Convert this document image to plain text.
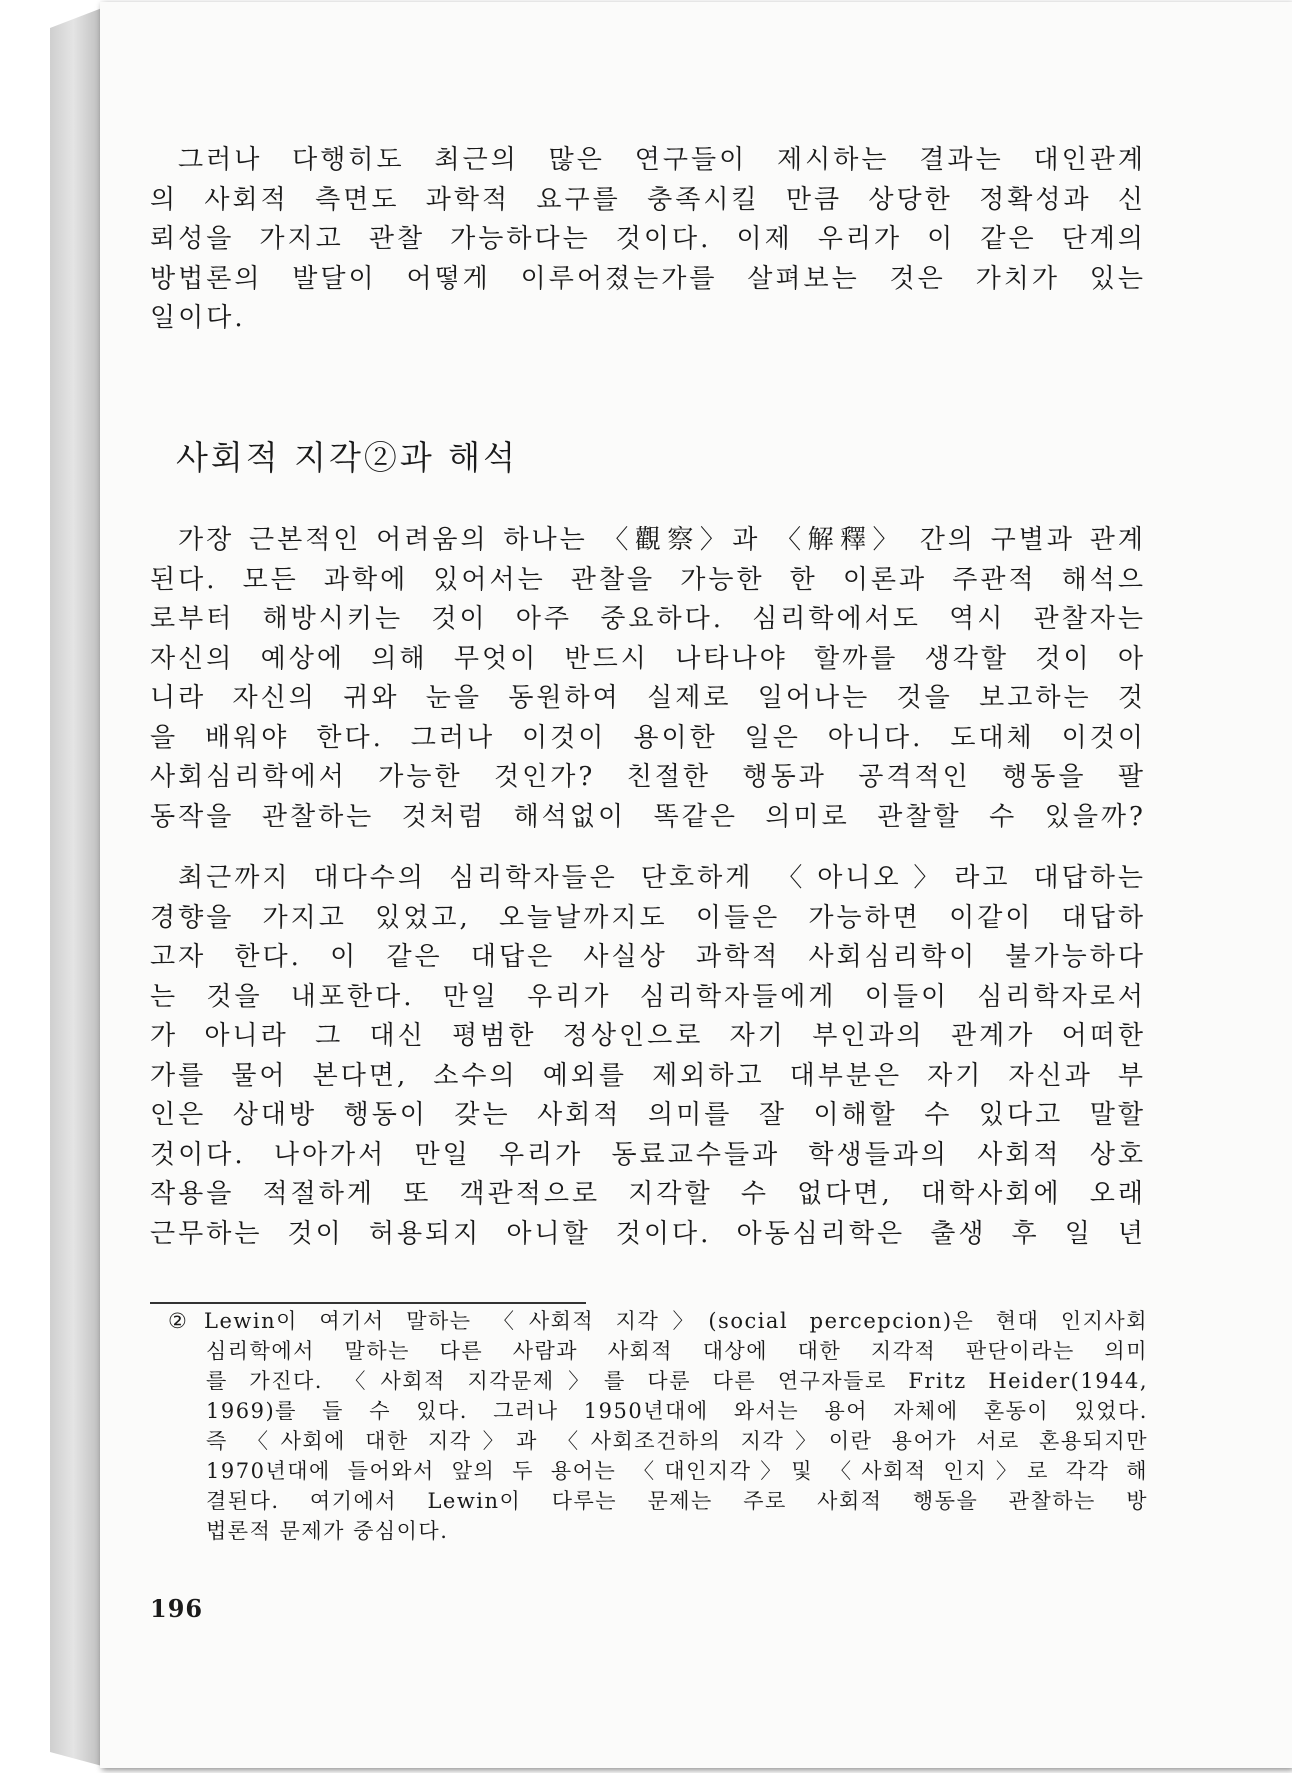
그러나 다행히도 최근의 많은 연구들이 제시하는 결과는 대인관계
의 사회적 측면도 과학적 요구를 충족시킬 만큼 상당한 정확성과 신
뢰성을 가지고 관찰 가능하다는 것이다. 이제 우리가 이 같은 단계의
방법론의 발달이 어떻게 이루어졌는가를 살펴보는 것은 가치가 있는
일이다.
사회적 지각②과 해석
가장 근본적인 어려움의 하나는 〈觀察〉과 〈解釋〉 간의 구별과 관계
된다. 모든 과학에 있어서는 관찰을 가능한 한 이론과 주관적 해석으
로부터 해방시키는 것이 아주 중요하다. 심리학에서도 역시 관찰자는
자신의 예상에 의해 무엇이 반드시 나타나야 할까를 생각할 것이 아
니라 자신의 귀와 눈을 동원하여 실제로 일어나는 것을 보고하는 것
을 배워야 한다. 그러나 이것이 용이한 일은 아니다. 도대체 이것이
사회심리학에서 가능한 것인가? 친절한 행동과 공격적인 행동을 팔
동작을 관찰하는 것처럼 해석없이 똑같은 의미로 관찰할 수 있을까?
최근까지 대다수의 심리학자들은 단호하게 〈아니오〉라고 대답하는
경향을 가지고 있었고, 오늘날까지도 이들은 가능하면 이같이 대답하
고자 한다. 이 같은 대답은 사실상 과학적 사회심리학이 불가능하다
는 것을 내포한다. 만일 우리가 심리학자들에게 이들이 심리학자로서
가 아니라 그 대신 평범한 정상인으로 자기 부인과의 관계가 어떠한
가를 물어 본다면, 소수의 예외를 제외하고 대부분은 자기 자신과 부
인은 상대방 행동이 갖는 사회적 의미를 잘 이해할 수 있다고 말할
것이다. 나아가서 만일 우리가 동료교수들과 학생들과의 사회적 상호
작용을 적절하게 또 객관적으로 지각할 수 없다면, 대학사회에 오래
근무하는 것이 허용되지 아니할 것이다. 아동심리학은 출생 후 일 년
② Lewin이 여기서 말하는 〈사회적 지각〉(social percepcion)은 현대 인지사회
심리학에서 말하는 다른 사람과 사회적 대상에 대한 지각적 판단이라는 의미
를 가진다. 〈사회적 지각문제〉를 다룬 다른 연구자들로 Fritz Heider(1944,
1969)를 들 수 있다. 그러나 1950년대에 와서는 용어 자체에 혼동이 있었다.
즉 〈사회에 대한 지각〉과 〈사회조건하의 지각〉이란 용어가 서로 혼용되지만
1970년대에 들어와서 앞의 두 용어는 〈대인지각〉및 〈사회적 인지〉로 각각 해
결된다. 여기에서 Lewin이 다루는 문제는 주로 사회적 행동을 관찰하는 방
법론적 문제가 중심이다.

196
